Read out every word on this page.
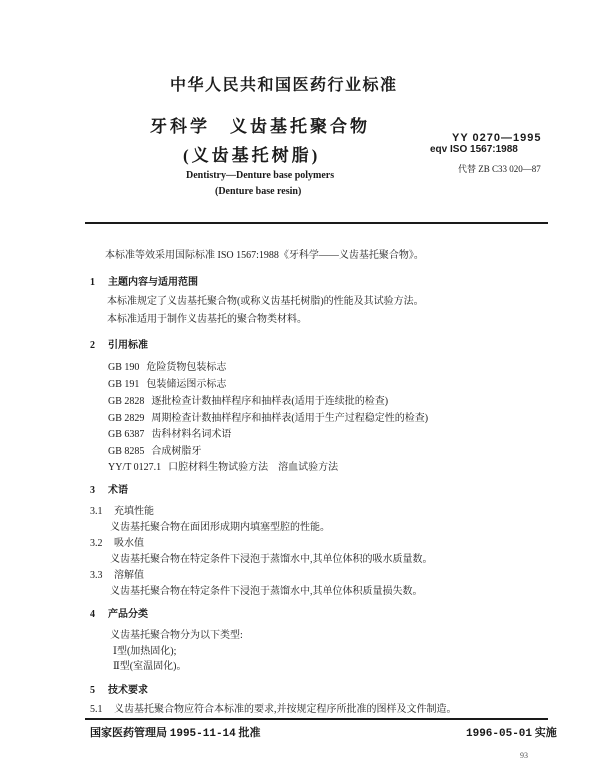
中华人民共和国医药行业标准
牙科学　义齿基托聚合物
(义齿基托树脂)
YY 0270—1995
eqv ISO 1567:1988
代替 ZB C33 020—87
Dentistry—Denture base polymers
(Denture base resin)
本标准等效采用国际标准 ISO 1567:1988《牙科学——义齿基托聚合物》。
1 主题内容与适用范围
本标准规定了义齿基托聚合物(或称义齿基托树脂)的性能及其试验方法。
本标准适用于制作义齿基托的聚合物类材料。
2 引用标准
GB 190 危险货物包装标志
GB 191 包装储运图示标志
GB 2828 逐批检查计数抽样程序和抽样表(适用于连续批的检查)
GB 2829 周期检查计数抽样程序和抽样表(适用于生产过程稳定性的检查)
GB 6387 齿科材料名词术语
GB 8285 合成树脂牙
YY/T 0127.1 口腔材料生物试验方法　溶血试验方法
3 术语
3.1 充填性能
义齿基托聚合物在面团形成期内填塞型腔的性能。
3.2 吸水值
义齿基托聚合物在特定条件下浸泡于蒸馏水中,其单位体积的吸水质量数。
3.3 溶解值
义齿基托聚合物在特定条件下浸泡于蒸馏水中,其单位体积质量损失数。
4 产品分类
义齿基托聚合物分为以下类型:
Ⅰ型(加热固化);
Ⅱ型(室温固化)。
5 技术要求
5.1 义齿基托聚合物应符合本标准的要求,并按规定程序所批准的图样及文件制造。
国家医药管理局 1995-11-14 批准	1996-05-01 实施
93
